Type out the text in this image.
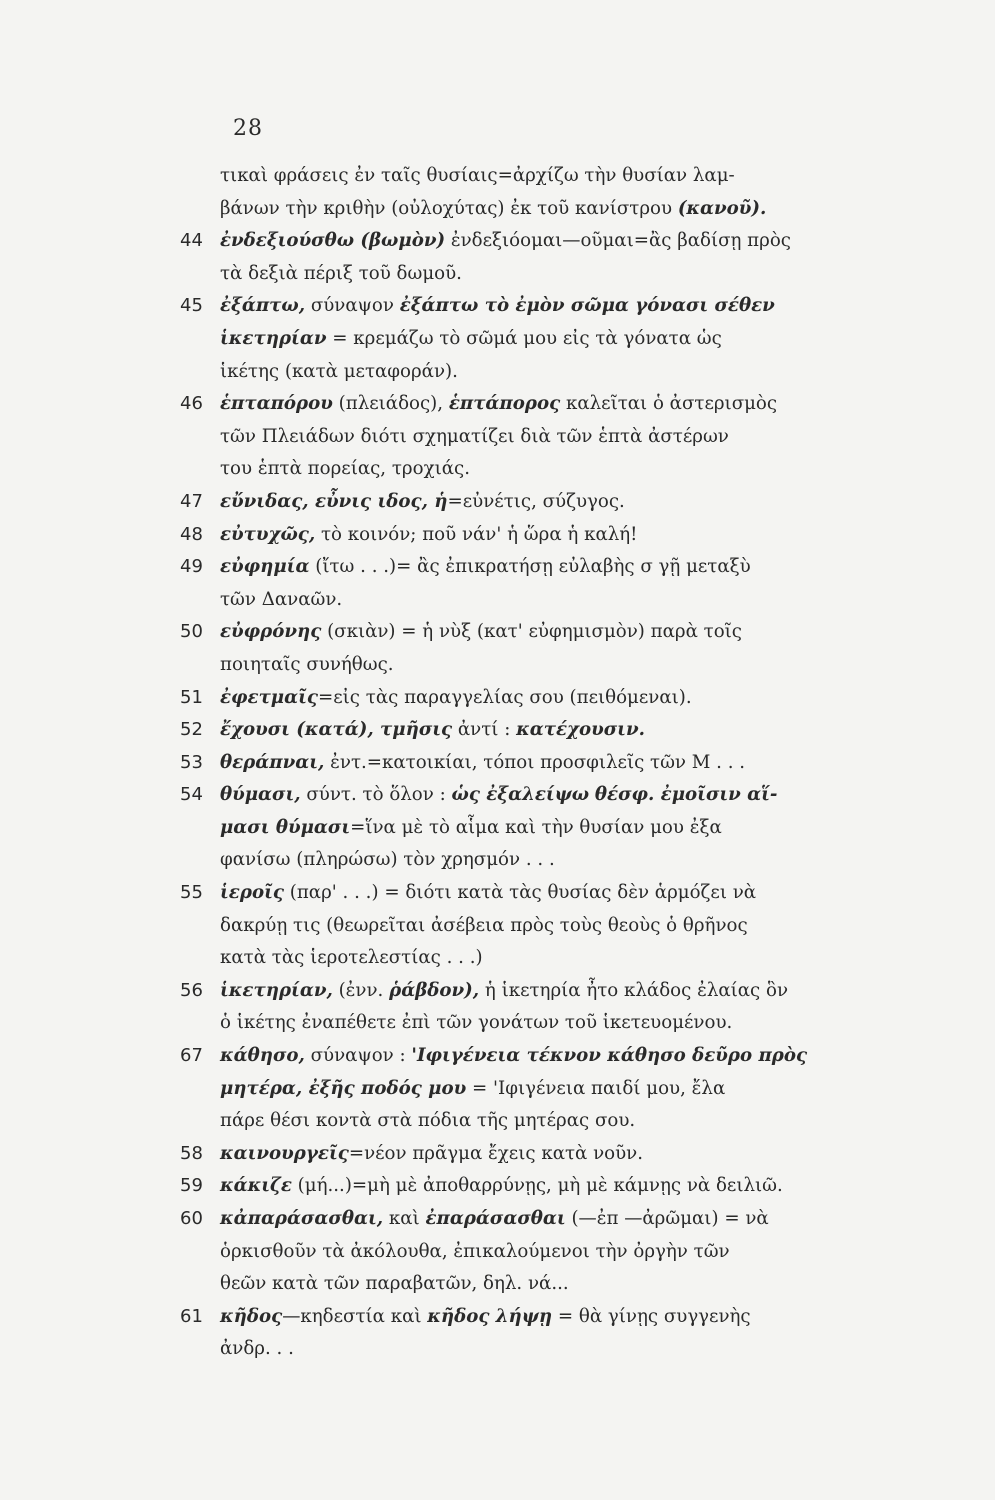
28
τικαὶ φράσεις ἐν ταῖς θυσίαις=ἀρχίζω τὴν θυσίαν λαμ-
βάνων τὴν κριθὴν (οὐλοχύτας) ἐκ τοῦ κανίστρου (κανοῦ).
44 ἐνδεξιούσθω (βωμὸν) ἐνδεξιόομαι—οῦμαι=ἂς βαδίσῃ πρὸς
τὰ δεξιὰ πέριξ τοῦ δωμοῦ.
45 ἐξάπτω, σύναψον ἐξάπτω τὸ ἐμὸν σῶμα γόνασι σέθεν
ἱκετηρίαν = κρεμάζω τὸ σῶμά μου εἰς τὰ γόνατα ὡς
ἱκέτης (κατὰ μεταφοράν).
46 ἑπταπόρου (πλειάδος), ἑπτάπορος καλεῖται ὁ ἀστερισμὸς
τῶν Πλειάδων διότι σχηματίζει διὰ τῶν ἑπτὰ ἀστέρων
του ἑπτὰ πορείας, τροχιάς.
47 εὔνιδας, εὖνις ιδος, ἡ=εὐνέτις, σύζυγος.
48 εὐτυχῶς, τὸ κοινόν; ποῦ νάν' ἡ ὥρα ἡ καλή!
49 εὐφημία (ἴτω . . .)= ἂς ἐπικρατήσῃ εὐλαβὴς σ γῇ μεταξὺ
τῶν Δαναῶν.
50 εὐφρόνης (σκιὰν) = ἡ νὺξ (κατ' εὐφημισμὸν) παρὰ τοῖς
ποιηταῖς συνήθως.
51 ἐφετμαῖς=εἰς τὰς παραγγελίας σου (πειθόμεναι).
52 ἔχουσι (κατά), τμῆσις ἀντί : κατέχουσιν.
53 θεράπναι, ἐντ.=κατοικίαι, τόποι προσφιλεῖς τῶν Μ . . .
54 θύμασι, σύντ. τὸ ὅλον : ὡς ἐξαλείψω θέσφ. ἐμοῖσιν αἵ-
μασι θύμασι=ἵνα μὲ τὸ αἷμα καὶ τὴν θυσίαν μου ἐξα
φανίσω (πληρώσω) τὸν χρησμόν . . .
55 ἱεροῖς (παρ' . . .) = διότι κατὰ τὰς θυσίας δὲν ἁρμόζει νὰ
δακρύῃ τις (θεωρεῖται ἀσέβεια πρὸς τοὺς θεοὺς ὁ θρῆνος
κατὰ τὰς ἱεροτελεστίας . . .)
56 ἱκετηρίαν, (ἐνν. ῥάβδον), ἡ ἱκετηρία ἦτο κλάδος ἐλαίας ὃν
ὁ ἱκέτης ἐναπέθετε ἐπὶ τῶν γονάτων τοῦ ἱκετευομένου.
67 κάθησο, σύναψον : 'Ιφιγένεια τέκνον κάθησο δεῦρο πρὸς
μητέρα, ἐξῆς ποδός μου = 'Ιφιγένεια παιδί μου, ἔλα
πάρε θέσι κοντὰ στὰ πόδια τῆς μητέρας σου.
58 καινουργεῖς=νέον πρᾶγμα ἔχεις κατὰ νοῦν.
59 κάκιζε (μή...)=μὴ μὲ ἀποθαρρύνῃς, μὴ μὲ κάμνῃς νὰ δειλιῶ.
60 κἀπαράσασθαι, καὶ ἐπαράσασθαι (—ἐπ —ἀρῶμαι) = νὰ
ὁρκισθοῦν τὰ ἀκόλουθα, ἐπικαλούμενοι τὴν ὀργὴν τῶν
θεῶν κατὰ τῶν παραβατῶν, δηλ. νά...
61 κῆδος—κηδεστία καὶ κῆδος λήψῃ = θὰ γίνῃς συγγενὴς
ἀνδρ. . .
